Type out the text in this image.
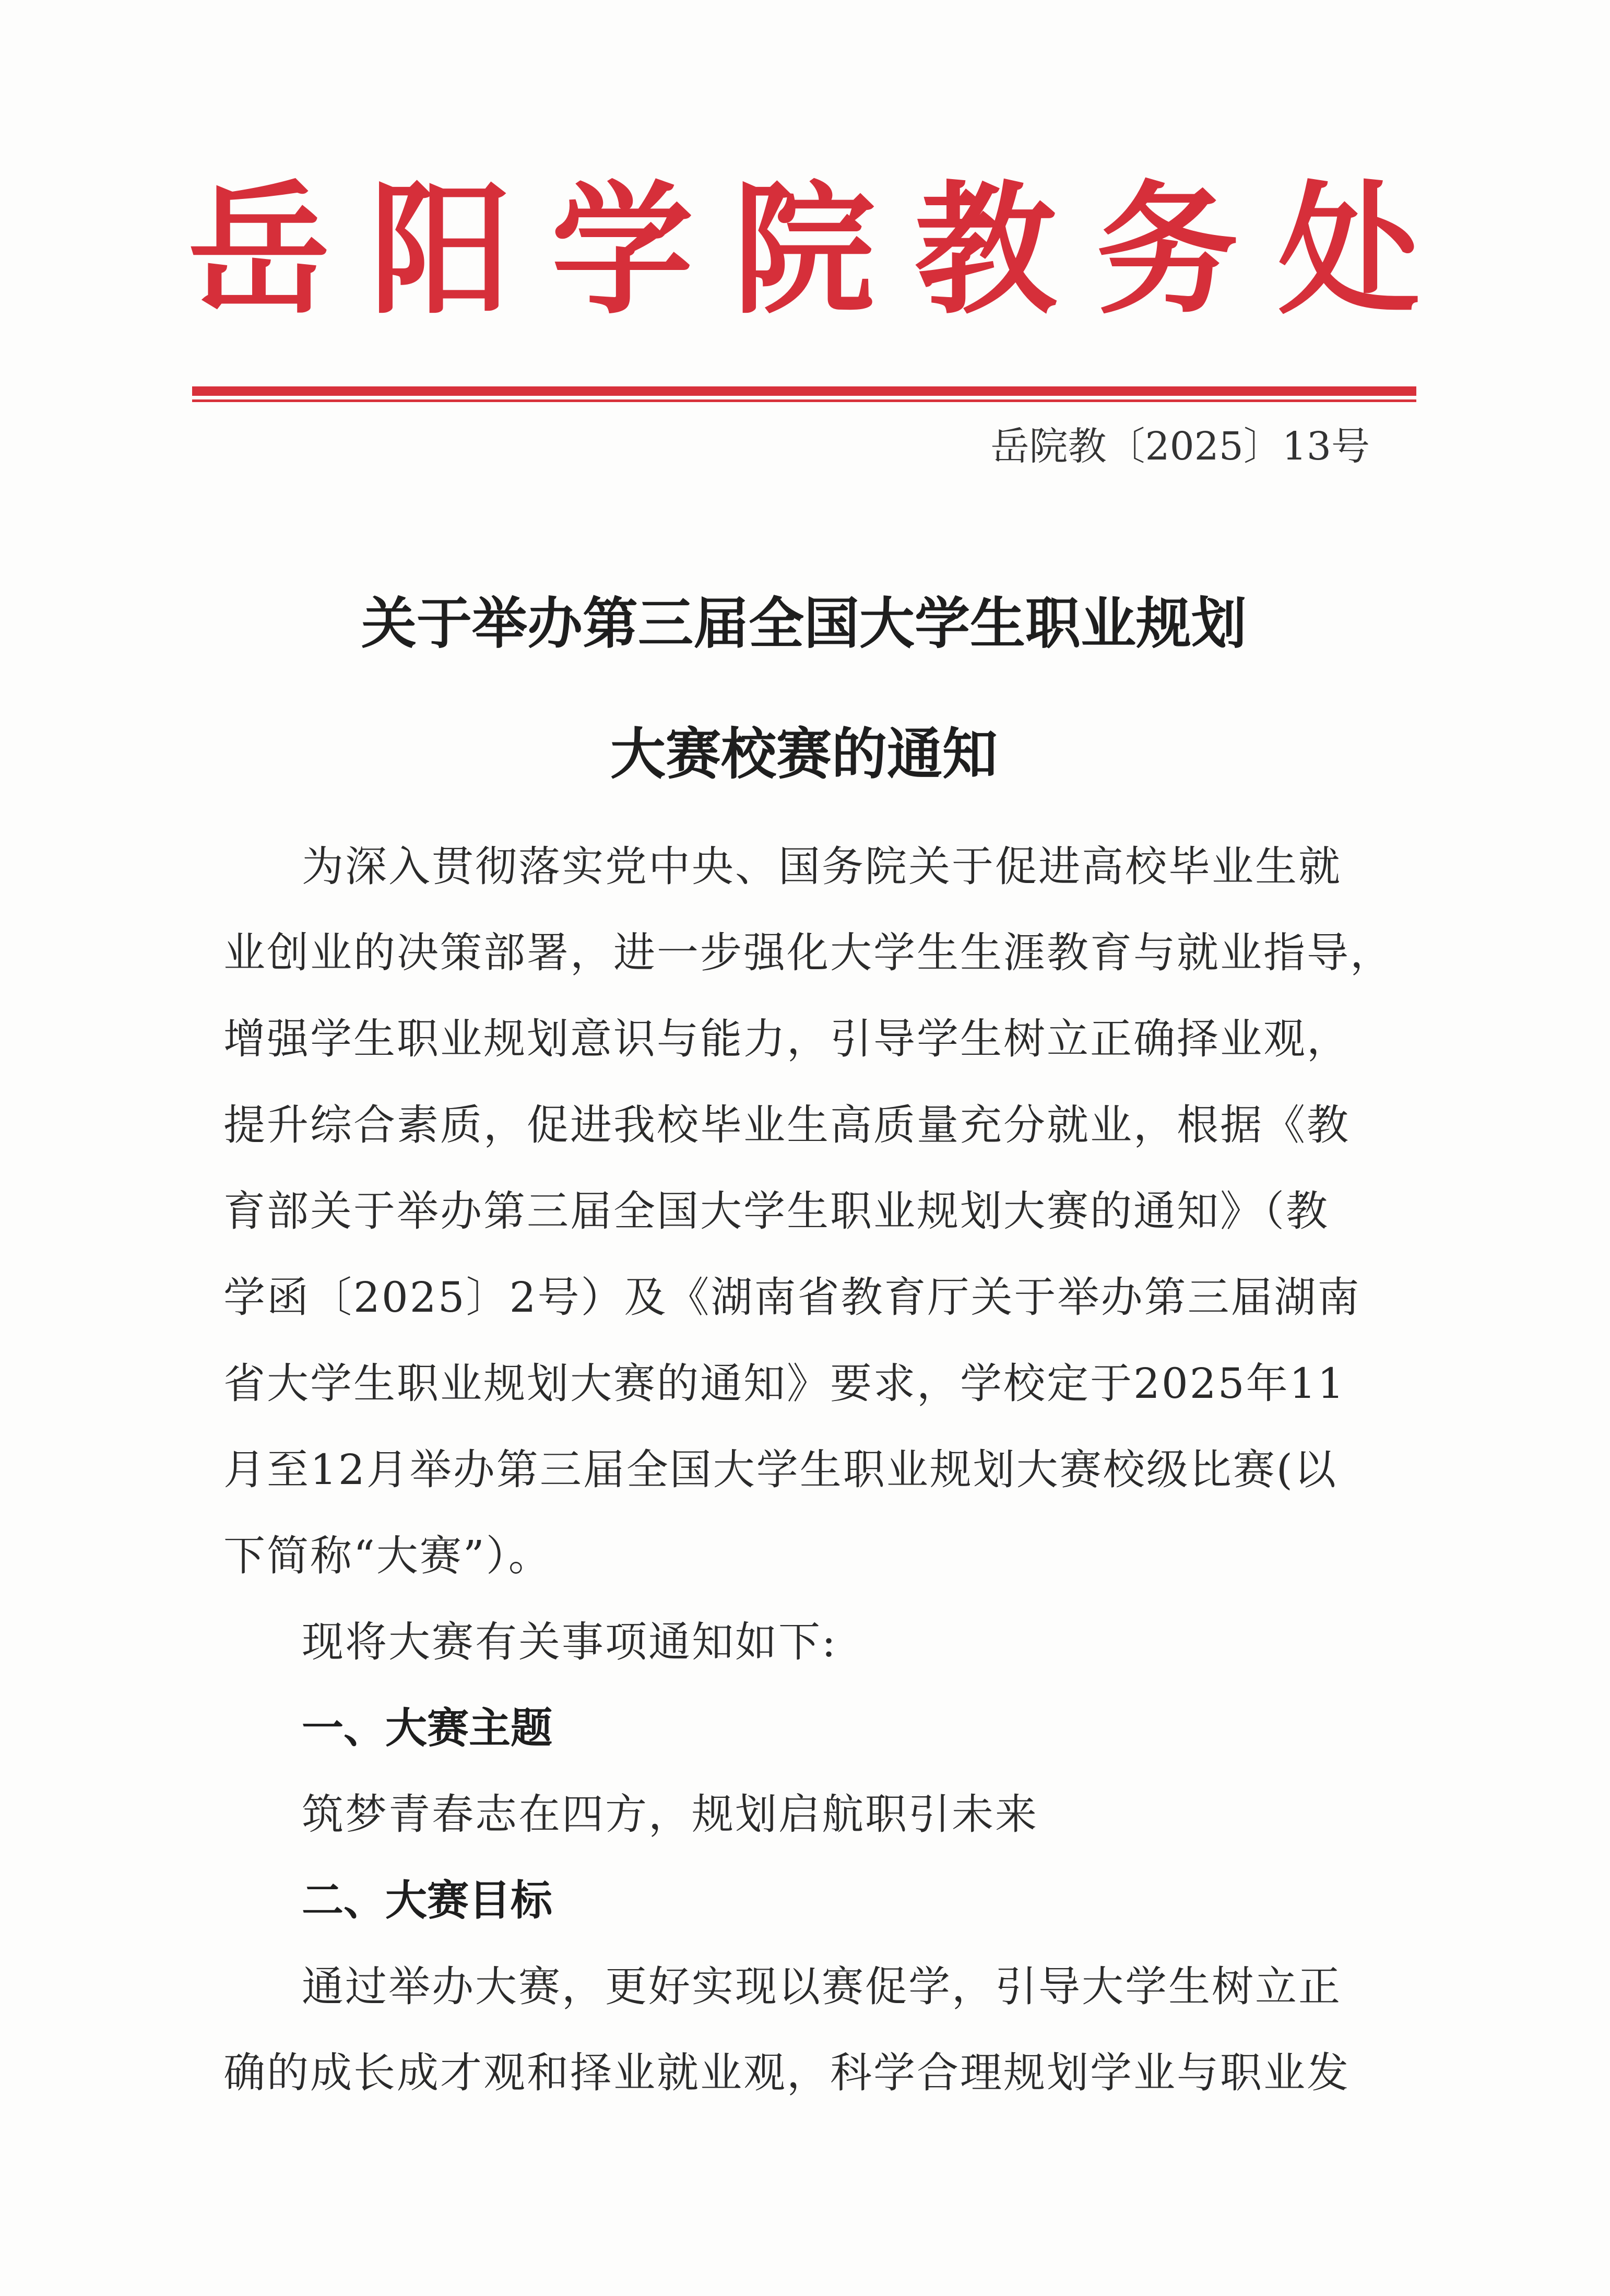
岳 阳 学 院 教 务 处
岳院教〔2025〕13号
关于举办第三届全国大学生职业规划
大赛校赛的通知
为深入贯彻落实党中央、国务院关于促进高校毕业生就
业创业的决策部署，进一步强化大学生生涯教育与就业指导，
增强学生职业规划意识与能力，引导学生树立正确择业观，
提升综合素质，促进我校毕业生高质量充分就业，根据《教
育部关于举办第三届全国大学生职业规划大赛的通知》（教
学函〔2025〕2号）及《湖南省教育厅关于举办第三届湖南
省大学生职业规划大赛的通知》要求，学校定于2025年11
月至12月举办第三届全国大学生职业规划大赛校级比赛(以
下简称“大赛”）。
现将大赛有关事项通知如下:
一、大赛主题
筑梦青春志在四方，规划启航职引未来
二、大赛目标
通过举办大赛，更好实现以赛促学，引导大学生树立正
确的成长成才观和择业就业观，科学合理规划学业与职业发
